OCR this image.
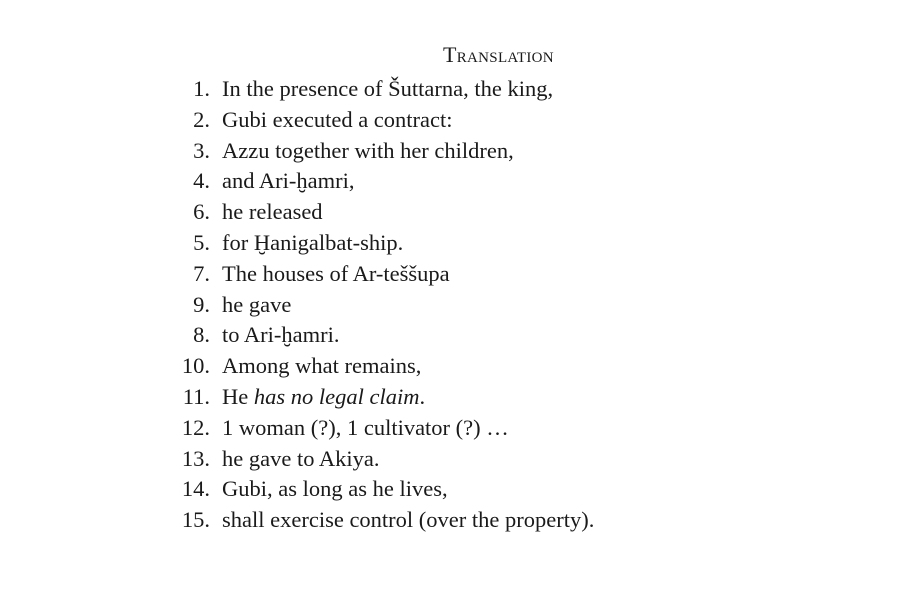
Translation
1. In the presence of Šuttarna, the king,
2. Gubi executed a contract:
3. Azzu together with her children,
4. and Ari-ḫamri,
6. he released
5. for Ḫanigalbat-ship.
7. The houses of Ar-teššupa
9. he gave
8. to Ari-ḫamri.
10. Among what remains,
11. He has no legal claim.
12. 1 woman (?), 1 cultivator (?) …
13. he gave to Akiya.
14. Gubi, as long as he lives,
15. shall exercise control (over the property).
